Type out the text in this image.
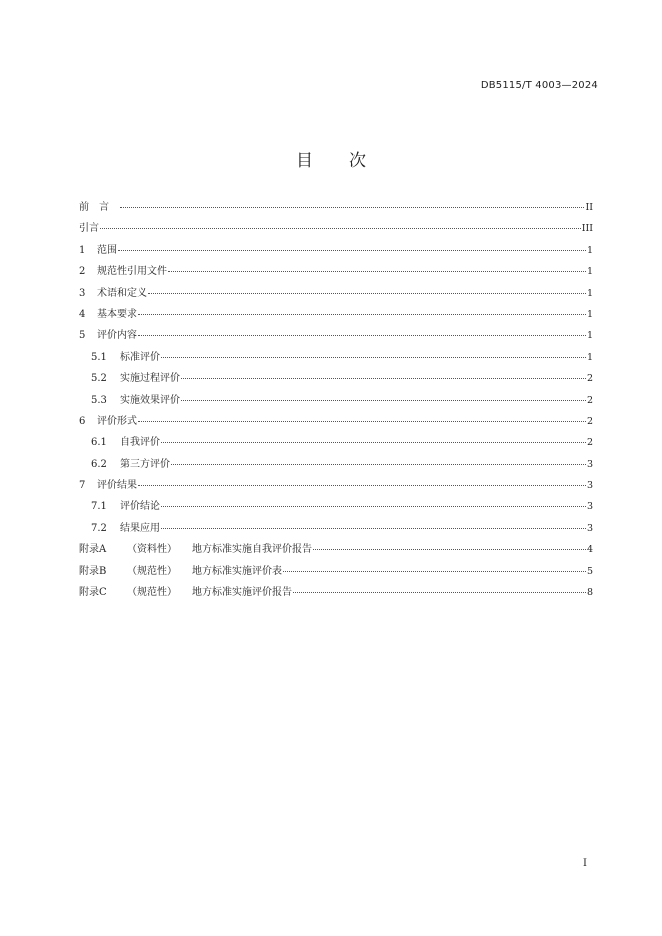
DB5115/T 4003—2024
目次
前言	II
引言	III
1	范围	1
2	规范性引用文件	1
3	术语和定义	1
4	基本要求	1
5	评价内容	1
5.1	标准评价	1
5.2	实施过程评价	2
5.3	实施效果评价	2
6	评价形式	2
6.1	自我评价	2
6.2	第三方评价	3
7	评价结果	3
7.1	评价结论	3
7.2	结果应用	3
附录A	（资料性）	地方标准实施自我评价报告	4
附录B	（规范性）	地方标准实施评价表	5
附录C	（规范性）	地方标准实施评价报告	8
I
